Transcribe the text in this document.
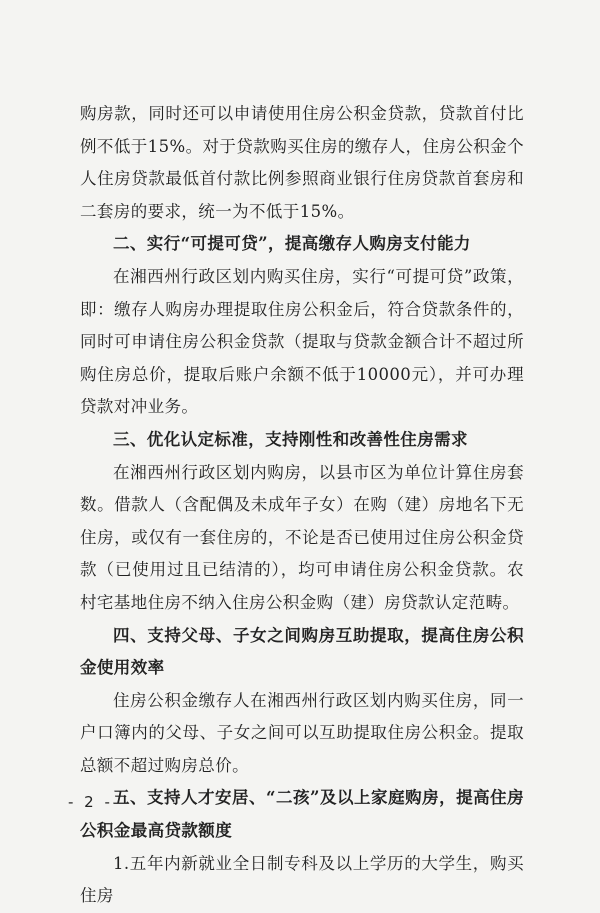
购房款，同时还可以申请使用住房公积金贷款，贷款首付比例不低于15%。对于贷款购买住房的缴存人，住房公积金个人住房贷款最低首付款比例参照商业银行住房贷款首套房和二套房的要求，统一为不低于15%。

二、实行“可提可贷”，提高缴存人购房支付能力

在湘西州行政区划内购买住房，实行“可提可贷”政策，即：缴存人购房办理提取住房公积金后，符合贷款条件的，同时可申请住房公积金贷款（提取与贷款金额合计不超过所购住房总价，提取后账户余额不低于10000元），并可办理贷款对冲业务。

三、优化认定标准，支持刚性和改善性住房需求

在湘西州行政区划内购房，以县市区为单位计算住房套数。借款人（含配偶及未成年子女）在购（建）房地名下无住房，或仅有一套住房的，不论是否已使用过住房公积金贷款（已使用过且已结清的），均可申请住房公积金贷款。农村宅基地住房不纳入住房公积金购（建）房贷款认定范畴。

四、支持父母、子女之间购房互助提取，提高住房公积金使用效率

住房公积金缴存人在湘西州行政区划内购买住房，同一户口簿内的父母、子女之间可以互助提取住房公积金。提取总额不超过购房总价。

五、支持人才安居、“二孩”及以上家庭购房，提高住房公积金最高贷款额度

1.五年内新就业全日制专科及以上学历的大学生，购买住房

- 2 -
